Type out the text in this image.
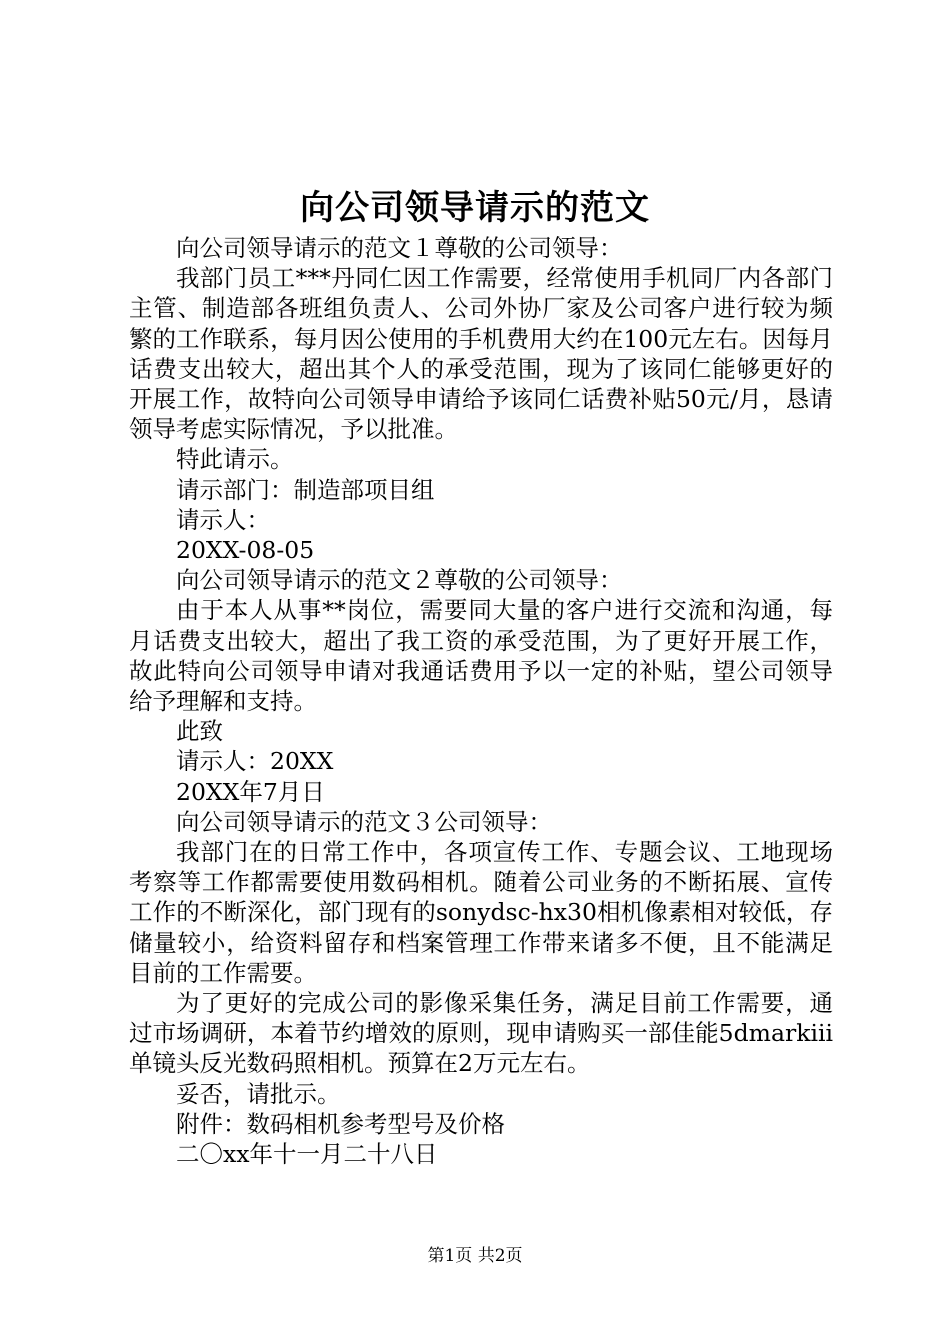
向公司领导请示的范文

向公司领导请示的范文１尊敬的公司领导：

我部门员工***丹同仁因工作需要，经常使用手机同厂内各部门主管、制造部各班组负责人、公司外协厂家及公司客户进行较为频繁的工作联系，每月因公使用的手机费用大约在100元左右。因每月话费支出较大，超出其个人的承受范围，现为了该同仁能够更好的开展工作，故特向公司领导申请给予该同仁话费补贴50元/月，恳请领导考虑实际情况，予以批准。

特此请示。

请示部门：制造部项目组

请示人：

20XX-08-05

向公司领导请示的范文２尊敬的公司领导：

由于本人从事**岗位，需要同大量的客户进行交流和沟通，每月话费支出较大，超出了我工资的承受范围，为了更好开展工作，故此特向公司领导申请对我通话费用予以一定的补贴，望公司领导给予理解和支持。

此致

请示人：20XX

20XX年7月日

向公司领导请示的范文３公司领导：

我部门在的日常工作中，各项宣传工作、专题会议、工地现场考察等工作都需要使用数码相机。随着公司业务的不断拓展、宣传工作的不断深化，部门现有的sonydsc-hx30相机像素相对较低，存储量较小，给资料留存和档案管理工作带来诸多不便，且不能满足目前的工作需要。

为了更好的完成公司的影像采集任务，满足目前工作需要，通过市场调研，本着节约增效的原则，现申请购买一部佳能5dmarkiii单镜头反光数码照相机。预算在2万元左右。

妥否，请批示。

附件：数码相机参考型号及价格

二〇xx年十一月二十八日

第1页 共2页
